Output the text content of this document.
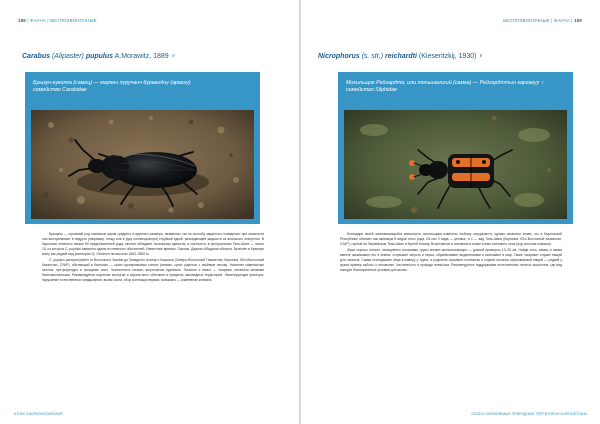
188 | ФАУНА | БЕСПОЗВОНОЧНЫЕ
Carabus (Alipaster) pupulus A.Morawitz, 1889 ♂
Брызун-куколка (самец) — марчен пуручанч бурвандну (арвагу)
семейство Carabidae

Брызуны — огромный род наземных жуков среднего и крупного размера, названных так по способу защитного поведения: при опасности они выстреливают в недруга (например, птицу или в руку коллекционера) струйкой едкой, разъедающей жидкости из анального отверстия. В Кыргызии отмечено свыше 50 представителей рода, многие обладают локальным ареалом, в частности, в Центральном Тянь-Шане — около 15, из которых С. pupulus является одним из немногих обитателей. Известные ареалы: Ошская, Джалал-Абадская области. Включён в Красную книгу как редкий вид (категория 3). Отмечен на высотах 1600–3500 м.

С. pupulus распространён от Восточного Заилия до Западного Алатау и Кокшала (Северо-Восточный Ташкентан, Киргизия, Юго-Восточный Казахстан, СУАР), обитающий в биотопах — сухих кустарниковых степях (холмах, сухих ущельях с хвойным лесом). Населяет каменистые склоны, пре-ферендно в трещинах скал. Численность низкая, встречается единично. Личинка и имаго — хищники, питаются мелкими беспозвоночными. Рекомендуется изучение экологии и охрана мест обитания в пределах заповедных территорий. Лимитирующие факторы: нарушение естественных ландшафтов, выпас скота, сбор коллекционерами, возможно — изменение климата.

АТЛАС БИОРАЗНООБРАЗИЯ
БЕСПОЗВОНОЧНЫЕ | ФАУНА | 189
Nicrophorus (s. str.) reichardti (Kieseritzkij, 1930) ♀
Могильщик Рейхардта, или тяньшанский (самка) — Рейхардттын каргакуу ♀
семейство Silphidae

Благодаря своей запоминающейся внешности, могильщики известны любому натуралисту, однако немногие знают, что в Кыргызской Республике обитают как минимум 8 видов этого рода. Из них 2 вида — ценные, и 1 — вид Тянь-Шаня (Киргизия, Юго-Восточный Казахстан, СУАР), горный на Заилийском Тянь-Шане и Кунгей Алатау. Встречается в основном в поясе елово-пихтового леса (под пологом ельника).

Жуки хорошо летают, немедленно отыскивая трупы мелких млекопитающих — длиной примерно 10–20 см. Найдя тело, самец и самка вместе закапывают его в землю, отгрызают шерсть и перья, обрабатывают выделениями и скатывают в шар. Такие «шарики» служат пищей для личинок. Самка откладывает яйца в камеру у трупа, а родители охраняют потомство и кормят личинок отрыгиваемой пищей — редкий у жуков пример заботы о потомстве. Численность в природе невысока. Рекомендуется поддержание естественных лесных экосистем, где вид находит благоприятные условия для жизни.

ОСОБО ОХРАНЯЕМЫЕ ПРИРОДНЫЕ ТЕРРИТОРИИ КЫРГЫЗСТАНА
